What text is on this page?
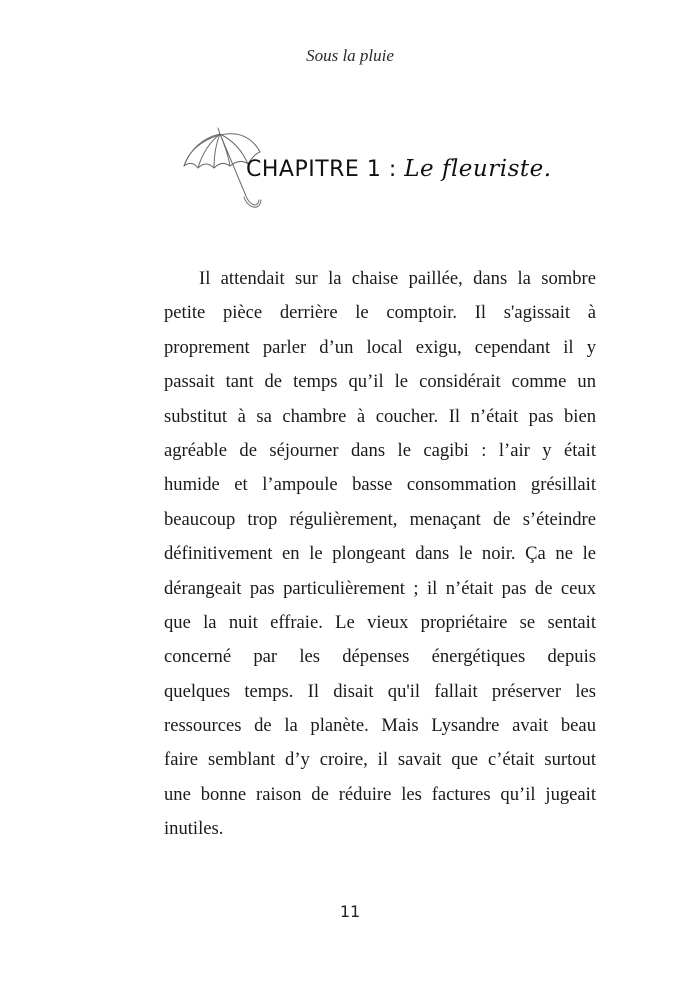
Sous la pluie
CHAPITRE 1 : Le fleuriste.
Il attendait sur la chaise paillée, dans la sombre
petite pièce derrière le comptoir. Il s'agissait à
proprement parler d’un local exigu, cependant il y
passait tant de temps qu’il le considérait comme un
substitut à sa chambre à coucher. Il n’était pas bien
agréable de séjourner dans le cagibi : l’air y était
humide et l’ampoule basse consommation grésillait
beaucoup trop régulièrement, menaçant de s’éteindre
définitivement en le plongeant dans le noir. Ça ne le
dérangeait pas particulièrement ; il n’était pas de ceux
que la nuit effraie. Le vieux propriétaire se sentait
concerné par les dépenses énergétiques depuis
quelques temps. Il disait qu'il fallait préserver les
ressources de la planète. Mais Lysandre avait beau
faire semblant d’y croire, il savait que c’était surtout
une bonne raison de réduire les factures qu’il jugeait
inutiles.
11
